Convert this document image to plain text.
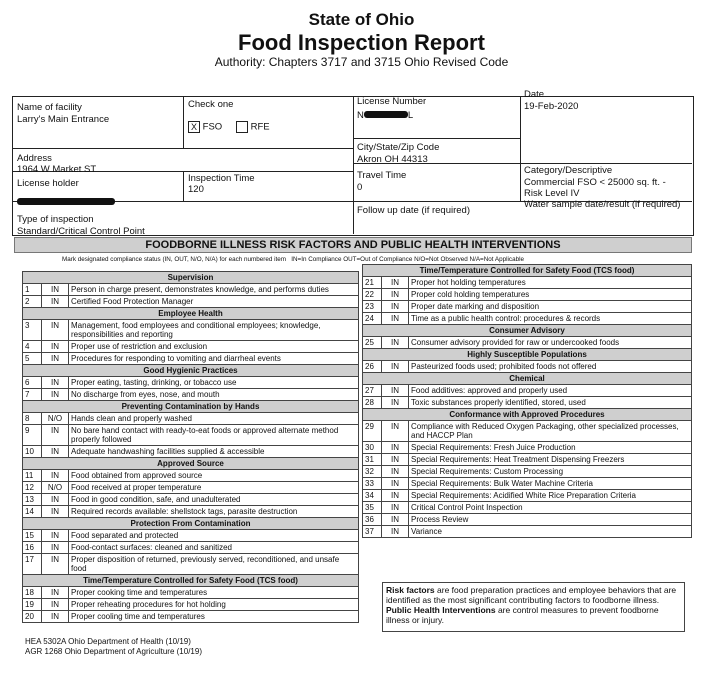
State of Ohio
Food Inspection Report
Authority: Chapters 3717 and 3715 Ohio Revised Code
Name of facility
Larry's Main Entrance
Check one
X FSO	RFE
License Number
N	L
Date
19-Feb-2020
Address
1964 W Market ST
City/State/Zip Code
Akron OH 44313
License holder	Inspection Time
120
Travel Time
0
Category/Descriptive
Commercial FSO < 25000 sq. ft. -
Risk Level IV
Type of inspection
Standard/Critical Control Point
Follow up date (if required)
Water sample date/result (if required)
FOODBORNE ILLNESS RISK FACTORS AND PUBLIC HEALTH INTERVENTIONS
Mark designated compliance status (IN, OUT, N/O, N/A) for each numbered item IN=In Compliance OUT=Out of Compliance N/O=Not Observed N/A=Not Applicable
Supervision		
1	IN	Person in charge present, demonstrates knowledge, and performs duties
2	IN	Certified Food Protection Manager
Employee Health		
3	IN	Management, food employees and conditional employees; knowledge, responsibilities and reporting
4	IN	Proper use of restriction and exclusion
5	IN	Procedures for responding to vomiting and diarrheal events
Good Hygienic Practices		
6	IN	Proper eating, tasting, drinking, or tobacco use
7	IN	No discharge from eyes, nose, and mouth
Preventing Contamination by Hands		
8	N/O	Hands clean and properly washed
9	IN	No bare hand contact with ready-to-eat foods or approved alternate method properly followed
10	IN	Adequate handwashing facilities supplied & accessible
Approved Source		
11	IN	Food obtained from approved source
12	N/O	Food received at proper temperature
13	IN	Food in good condition, safe, and unadulterated
14	IN	Required records available: shellstock tags, parasite destruction
Protection From Contamination		
15	IN	Food separated and protected
16	IN	Food-contact surfaces: cleaned and sanitized
17	IN	Proper disposition of returned, previously served, reconditioned, and unsafe food
Time/Temperature Controlled for Safety Food (TCS food)		
18	IN	Proper cooking time and temperatures
19	IN	Proper reheating procedures for hot holding
20	IN	Proper cooling time and temperatures
Time/Temperature Controlled for Safety Food (TCS food)		
21	IN	Proper hot holding temperatures
22	IN	Proper cold holding temperatures
23	IN	Proper date marking and disposition
24	IN	Time as a public health control: procedures & records
Consumer Advisory		
25	IN	Consumer advisory provided for raw or undercooked foods
Highly Susceptible Populations		
26	IN	Pasteurized foods used; prohibited foods not offered
Chemical		
27	IN	Food additives: approved and properly used
28	IN	Toxic substances properly identified, stored, used
Conformance with Approved Procedures		
29	IN	Compliance with Reduced Oxygen Packaging, other specialized processes, and HACCP Plan
30	IN	Special Requirements: Fresh Juice Production
31	IN	Special Requirements: Heat Treatment Dispensing Freezers
32	IN	Special Requirements: Custom Processing
33	IN	Special Requirements: Bulk Water Machine Criteria
34	IN	Special Requirements: Acidified White Rice Preparation Criteria
35	IN	Critical Control Point Inspection
36	IN	Process Review
37	IN	Variance
Risk factors are food preparation practices and employee behaviors that are identified as the most significant contributing factors to foodborne illness. Public Health Interventions are control measures to prevent foodborne illness or injury.
HEA 5302A Ohio Department of Health (10/19)
AGR 1268 Ohio Department of Agriculture (10/19)
